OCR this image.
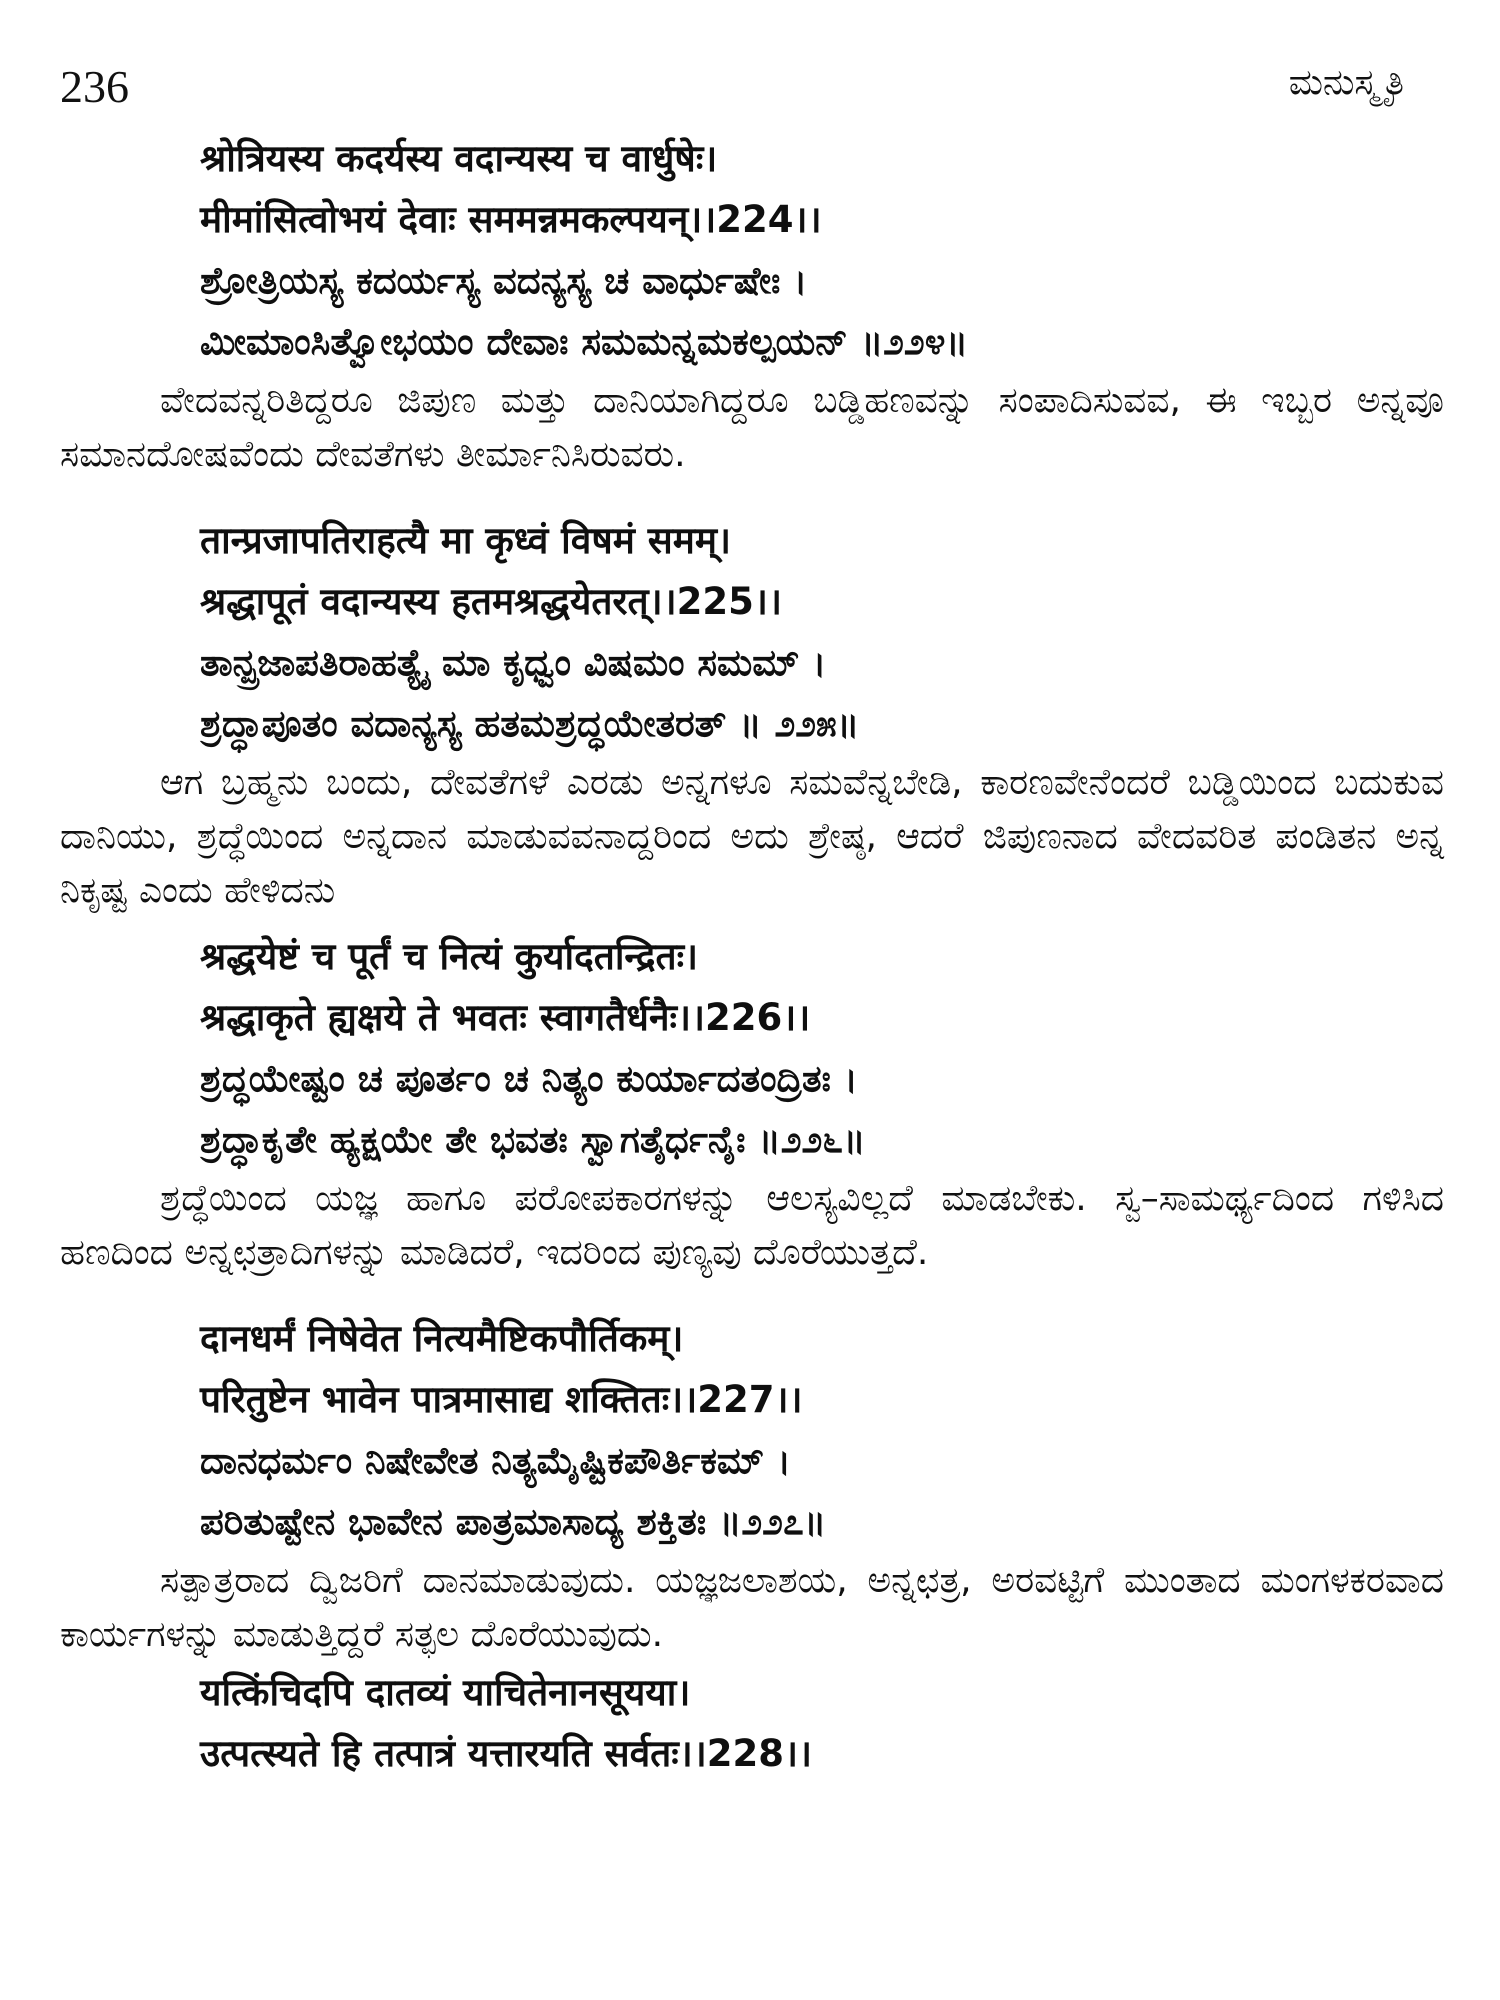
236	ಮನುಸ್ಮೃತಿ
श्रोत्रियस्य कदर्यस्य वदान्यस्य च वार्धुषेः।
मीमांसित्वोभयं देवाः सममन्नमकल्पयन्।।224।।
ಶ್ರೋತ್ರಿಯಸ್ಯ ಕದರ್ಯಸ್ಯ ವದನ್ಯಸ್ಯ ಚ ವಾರ್ಧುಷೇಃ ।
ಮೀಮಾಂಸಿತ್ವೋಭಯಂ ದೇವಾಃ ಸಮಮನ್ನಮಕಲ್ಪಯನ್ ॥೨೨೪॥

ವೇದವನ್ನರಿತಿದ್ದರೂ ಜಿಪುಣ ಮತ್ತು ದಾನಿಯಾಗಿದ್ದರೂ ಬಡ್ಡಿಹಣವನ್ನು ಸಂಪಾದಿಸುವವ, ಈ ಇಬ್ಬರ ಅನ್ನವೂ ಸಮಾನದೋಷವೆಂದು ದೇವತೆಗಳು ತೀರ್ಮಾನಿಸಿರುವರು.

तान्प्रजापतिराहत्यै मा कृध्वं विषमं समम्।
श्रद्धापूतं वदान्यस्य हतमश्रद्धयेतरत्।।225।।
ತಾನ್ಪ್ರಜಾಪತಿರಾಹತ್ಯೈ ಮಾ ಕೃಧ್ವಂ ವಿಷಮಂ ಸಮಮ್ ।
ಶ್ರದ್ಧಾಪೂತಂ ವದಾನ್ಯಸ್ಯ ಹತಮಶ್ರದ್ಧಯೇತರತ್ ॥ ೨೨೫॥

ಆಗ ಬ್ರಹ್ಮನು ಬಂದು, ದೇವತೆಗಳೆ ಎರಡು ಅನ್ನಗಳೂ ಸಮವೆನ್ನಬೇಡಿ, ಕಾರಣವೇನೆಂದರೆ ಬಡ್ಡಿಯಿಂದ ಬದುಕುವ ದಾನಿಯು, ಶ್ರದ್ಧೆಯಿಂದ ಅನ್ನದಾನ ಮಾಡುವವನಾದ್ದರಿಂದ ಅದು ಶ್ರೇಷ್ಠ, ಆದರೆ ಜಿಪುಣನಾದ ವೇದವರಿತ ಪಂಡಿತನ ಅನ್ನ ನಿಕೃಷ್ಟ ಎಂದು ಹೇಳಿದನು

श्रद्धयेष्टं च पूर्तं च नित्यं कुर्यादतन्द्रितः।
श्रद्धाकृते ह्यक्षये ते भवतः स्वागतैर्धनैः।।226।।
ಶ್ರದ್ಧಯೇಷ್ಟಂ ಚ ಪೂರ್ತಂ ಚ ನಿತ್ಯಂ ಕುರ್ಯಾದತಂದ್ರಿತಃ ।
ಶ್ರದ್ಧಾಕೃತೇ ಹ್ಯಕ್ಷಯೇ ತೇ ಭವತಃ ಸ್ವಾಗತೈರ್ಧನೈಃ ॥೨೨೬॥

ಶ್ರದ್ಧೆಯಿಂದ ಯಜ್ಞ ಹಾಗೂ ಪರೋಪಕಾರಗಳನ್ನು ಆಲಸ್ಯವಿಲ್ಲದೆ ಮಾಡಬೇಕು. ಸ್ವ–ಸಾಮರ್ಥ್ಯದಿಂದ ಗಳಿಸಿದ ಹಣದಿಂದ ಅನ್ನಛತ್ರಾದಿಗಳನ್ನು ಮಾಡಿದರೆ, ಇದರಿಂದ ಪುಣ್ಯವು ದೊರೆಯುತ್ತದೆ.

दानधर्मं निषेवेत नित्यमैष्टिकपौर्तिकम्।
परितुष्टेन भावेन पात्रमासाद्य शक्तितः।।227।।
ದಾನಧರ್ಮಂ ನಿಷೇವೇತ ನಿತ್ಯಮೈಷ್ಟಿಕಪೌರ್ತಿಕಮ್ ।
ಪರಿತುಷ್ಟೇನ ಭಾವೇನ ಪಾತ್ರಮಾಸಾದ್ಯ ಶಕ್ತಿತಃ ॥೨೨೭॥

ಸತ್ಪಾತ್ರರಾದ ದ್ವಿಜರಿಗೆ ದಾನಮಾಡುವುದು. ಯಜ್ಞಜಲಾಶಯ, ಅನ್ನಛತ್ರ, ಅರವಟ್ಟಿಗೆ ಮುಂತಾದ ಮಂಗಳಕರವಾದ ಕಾರ್ಯಗಳನ್ನು ಮಾಡುತ್ತಿದ್ದರೆ ಸತ್ಫಲ ದೊರೆಯುವುದು.

यत्किंचिदपि दातव्यं याचितेनानसूयया।
उत्पत्स्यते हि तत्पात्रं यत्तारयति सर्वतः।।228।।
